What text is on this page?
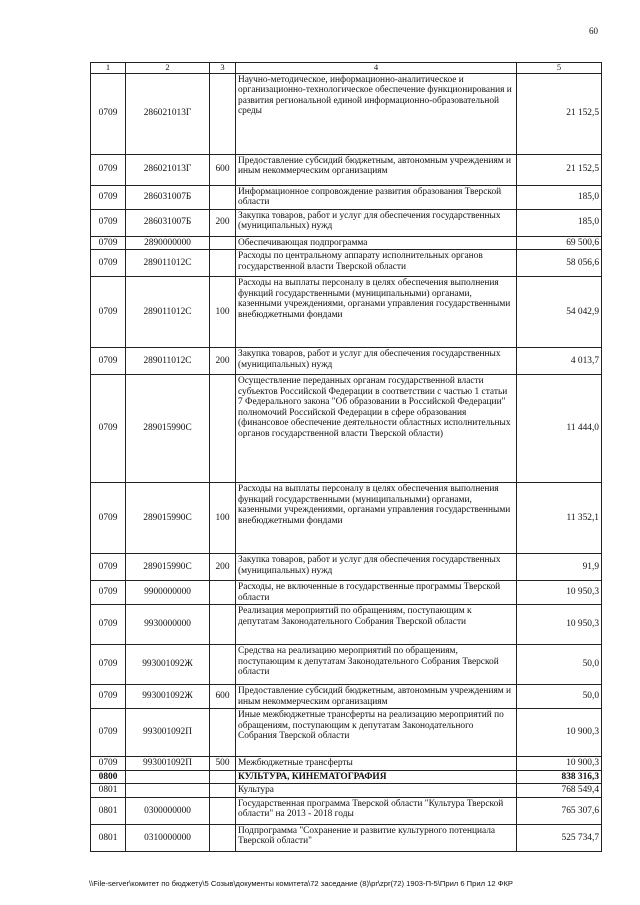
60
1	2	3	4	5
0709	286021013Г		Научно-методическое, информационно-аналитическое и организационно-технологическое обеспечение функционирования и развития региональной единой информационно-образовательной среды	21 152,5
0709	286021013Г	600	Предоставление субсидий бюджетным, автономным учреждениям и иным некоммерческим организациям	21 152,5
0709	286031007Б		Информационное сопровождение развития образования Тверской области	185,0
0709	286031007Б	200	Закупка товаров, работ и услуг для обеспечения государственных (муниципальных) нужд	185,0
0709	2890000000		Обеспечивающая подпрограмма	69 500,6
0709	289011012С		Расходы по центральному аппарату исполнительных органов государственной власти Тверской области	58 056,6
0709	289011012С	100	Расходы на выплаты персоналу в целях обеспечения выполнения функций государственными (муниципальными) органами, казенными учреждениями, органами управления государственными внебюджетными фондами	54 042,9
0709	289011012С	200	Закупка товаров, работ и услуг для обеспечения государственных (муниципальных) нужд	4 013,7
0709	289015990С		Осуществление переданных органам государственной власти субъектов Российской Федерации в соответствии с частью 1 статьи 7 Федерального закона "Об образовании в Российской Федерации" полномочий Российской Федерации в сфере образования (финансовое обеспечение деятельности областных исполнительных органов государственной власти Тверской области)	11 444,0
0709	289015990С	100	Расходы на выплаты персоналу в целях обеспечения выполнения функций государственными (муниципальными) органами, казенными учреждениями, органами управления государственными внебюджетными фондами	11 352,1
0709	289015990С	200	Закупка товаров, работ и услуг для обеспечения государственных (муниципальных) нужд	91,9
0709	9900000000		Расходы, не включенные в государственные программы Тверской области	10 950,3
0709	9930000000		Реализация мероприятий по обращениям, поступающим к депутатам Законодательного Собрания Тверской области	10 950,3
0709	993001092Ж		Средства на реализацию мероприятий по обращениям, поступающим к депутатам Законодательного Собрания Тверской области	50,0
0709	993001092Ж	600	Предоставление субсидий бюджетным, автономным учреждениям и иным некоммерческим организациям	50,0
0709	993001092П		Иные межбюджетные трансферты на реализацию мероприятий по обращениям, поступающим к депутатам Законодательного Собрания Тверской области	10 900,3
0709	993001092П	500	Межбюджетные трансферты	10 900,3
0800			КУЛЬТУРА, КИНЕМАТОГРАФИЯ	838 316,3
0801			Культура	768 549,4
0801	0300000000		Государственная программа Тверской области "Культура Тверской области" на 2013 - 2018 годы	765 307,6
0801	0310000000		Подпрограмма "Сохранение и развитие культурного потенциала Тверской области"	525 734,7
\\File-server\комитет по бюджету\5 Созыв\документы комитета\72 заседание (8)\pr\zpr(72) 1903-П-5\Прил 6 Прил 12 ФКР
